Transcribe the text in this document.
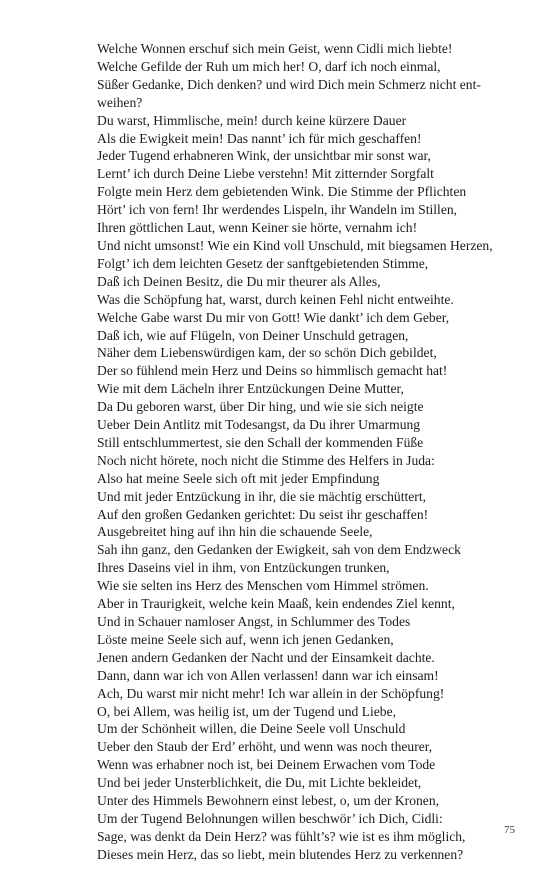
Welche Wonnen erschuf sich mein Geist, wenn Cidli mich liebte!
Welche Gefilde der Ruh um mich her! O, darf ich noch einmal,
Süßer Gedanke, Dich denken? und wird Dich mein Schmerz nicht ent-
weihen?
Du warst, Himmlische, mein! durch keine kürzere Dauer
Als die Ewigkeit mein! Das nannt’ ich für mich geschaffen!
Jeder Tugend erhabneren Wink, der unsichtbar mir sonst war,
Lernt’ ich durch Deine Liebe verstehn! Mit zitternder Sorgfalt
Folgte mein Herz dem gebietenden Wink. Die Stimme der Pflichten
Hört’ ich von fern! Ihr werdendes Lispeln, ihr Wandeln im Stillen,
Ihren göttlichen Laut, wenn Keiner sie hörte, vernahm ich!
Und nicht umsonst! Wie ein Kind voll Unschuld, mit biegsamen Herzen,
Folgt’ ich dem leichten Gesetz der sanftgebietenden Stimme,
Daß ich Deinen Besitz, die Du mir theurer als Alles,
Was die Schöpfung hat, warst, durch keinen Fehl nicht entweihte.
Welche Gabe warst Du mir von Gott! Wie dankt’ ich dem Geber,
Daß ich, wie auf Flügeln, von Deiner Unschuld getragen,
Näher dem Liebenswürdigen kam, der so schön Dich gebildet,
Der so fühlend mein Herz und Deins so himmlisch gemacht hat!
Wie mit dem Lächeln ihrer Entzückungen Deine Mutter,
Da Du geboren warst, über Dir hing, und wie sie sich neigte
Ueber Dein Antlitz mit Todesangst, da Du ihrer Umarmung
Still entschlummertest, sie den Schall der kommenden Füße
Noch nicht hörete, noch nicht die Stimme des Helfers in Juda:
Also hat meine Seele sich oft mit jeder Empfindung
Und mit jeder Entzückung in ihr, die sie mächtig erschüttert,
Auf den großen Gedanken gerichtet: Du seist ihr geschaffen!
Ausgebreitet hing auf ihn hin die schauende Seele,
Sah ihn ganz, den Gedanken der Ewigkeit, sah von dem Endzweck
Ihres Daseins viel in ihm, von Entzückungen trunken,
Wie sie selten ins Herz des Menschen vom Himmel strömen.
Aber in Traurigkeit, welche kein Maaß, kein endendes Ziel kennt,
Und in Schauer namloser Angst, in Schlummer des Todes
Löste meine Seele sich auf, wenn ich jenen Gedanken,
Jenen andern Gedanken der Nacht und der Einsamkeit dachte.
Dann, dann war ich von Allen verlassen! dann war ich einsam!
Ach, Du warst mir nicht mehr! Ich war allein in der Schöpfung!
O, bei Allem, was heilig ist, um der Tugend und Liebe,
Um der Schönheit willen, die Deine Seele voll Unschuld
Ueber den Staub der Erd’ erhöht, und wenn was noch theurer,
Wenn was erhabner noch ist, bei Deinem Erwachen vom Tode
Und bei jeder Unsterblichkeit, die Du, mit Lichte bekleidet,
Unter des Himmels Bewohnern einst lebest, o, um der Kronen,
Um der Tugend Belohnungen willen beschwör’ ich Dich, Cidli:
Sage, was denkt da Dein Herz? was fühlt’s? wie ist es ihm möglich,
Dieses mein Herz, das so liebt, mein blutendes Herz zu verkennen?
75
